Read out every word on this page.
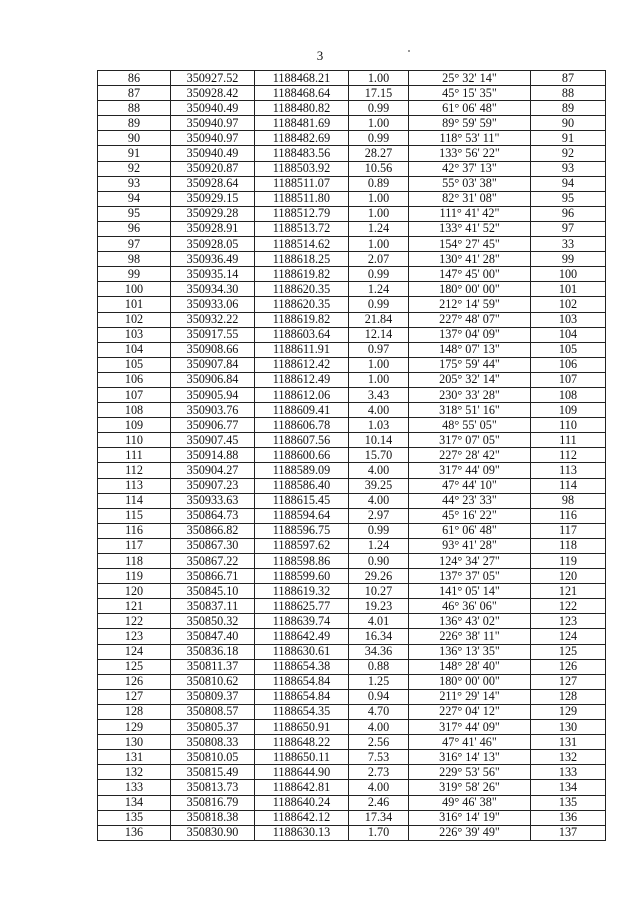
3
86	350927.52	1188468.21	1.00	25° 32' 14"	87
87	350928.42	1188468.64	17.15	45° 15' 35"	88
88	350940.49	1188480.82	0.99	61° 06' 48"	89
89	350940.97	1188481.69	1.00	89° 59' 59"	90
90	350940.97	1188482.69	0.99	118° 53' 11"	91
91	350940.49	1188483.56	28.27	133° 56' 22"	92
92	350920.87	1188503.92	10.56	42° 37' 13"	93
93	350928.64	1188511.07	0.89	55° 03' 38"	94
94	350929.15	1188511.80	1.00	82° 31' 08"	95
95	350929.28	1188512.79	1.00	111° 41' 42"	96
96	350928.91	1188513.72	1.24	133° 41' 52"	97
97	350928.05	1188514.62	1.00	154° 27' 45"	33
98	350936.49	1188618.25	2.07	130° 41' 28"	99
99	350935.14	1188619.82	0.99	147° 45' 00"	100
100	350934.30	1188620.35	1.24	180° 00' 00"	101
101	350933.06	1188620.35	0.99	212° 14' 59"	102
102	350932.22	1188619.82	21.84	227° 48' 07"	103
103	350917.55	1188603.64	12.14	137° 04' 09"	104
104	350908.66	1188611.91	0.97	148° 07' 13"	105
105	350907.84	1188612.42	1.00	175° 59' 44"	106
106	350906.84	1188612.49	1.00	205° 32' 14"	107
107	350905.94	1188612.06	3.43	230° 33' 28"	108
108	350903.76	1188609.41	4.00	318° 51' 16"	109
109	350906.77	1188606.78	1.03	48° 55' 05"	110
110	350907.45	1188607.56	10.14	317° 07' 05"	111
111	350914.88	1188600.66	15.70	227° 28' 42"	112
112	350904.27	1188589.09	4.00	317° 44' 09"	113
113	350907.23	1188586.40	39.25	47° 44' 10"	114
114	350933.63	1188615.45	4.00	44° 23' 33"	98
115	350864.73	1188594.64	2.97	45° 16' 22"	116
116	350866.82	1188596.75	0.99	61° 06' 48"	117
117	350867.30	1188597.62	1.24	93° 41' 28"	118
118	350867.22	1188598.86	0.90	124° 34' 27"	119
119	350866.71	1188599.60	29.26	137° 37' 05"	120
120	350845.10	1188619.32	10.27	141° 05' 14"	121
121	350837.11	1188625.77	19.23	46° 36' 06"	122
122	350850.32	1188639.74	4.01	136° 43' 02"	123
123	350847.40	1188642.49	16.34	226° 38' 11"	124
124	350836.18	1188630.61	34.36	136° 13' 35"	125
125	350811.37	1188654.38	0.88	148° 28' 40"	126
126	350810.62	1188654.84	1.25	180° 00' 00"	127
127	350809.37	1188654.84	0.94	211° 29' 14"	128
128	350808.57	1188654.35	4.70	227° 04' 12"	129
129	350805.37	1188650.91	4.00	317° 44' 09"	130
130	350808.33	1188648.22	2.56	47° 41' 46"	131
131	350810.05	1188650.11	7.53	316° 14' 13"	132
132	350815.49	1188644.90	2.73	229° 53' 56"	133
133	350813.73	1188642.81	4.00	319° 58' 26"	134
134	350816.79	1188640.24	2.46	49° 46' 38"	135
135	350818.38	1188642.12	17.34	316° 14' 19"	136
136	350830.90	1188630.13	1.70	226° 39' 49"	137
